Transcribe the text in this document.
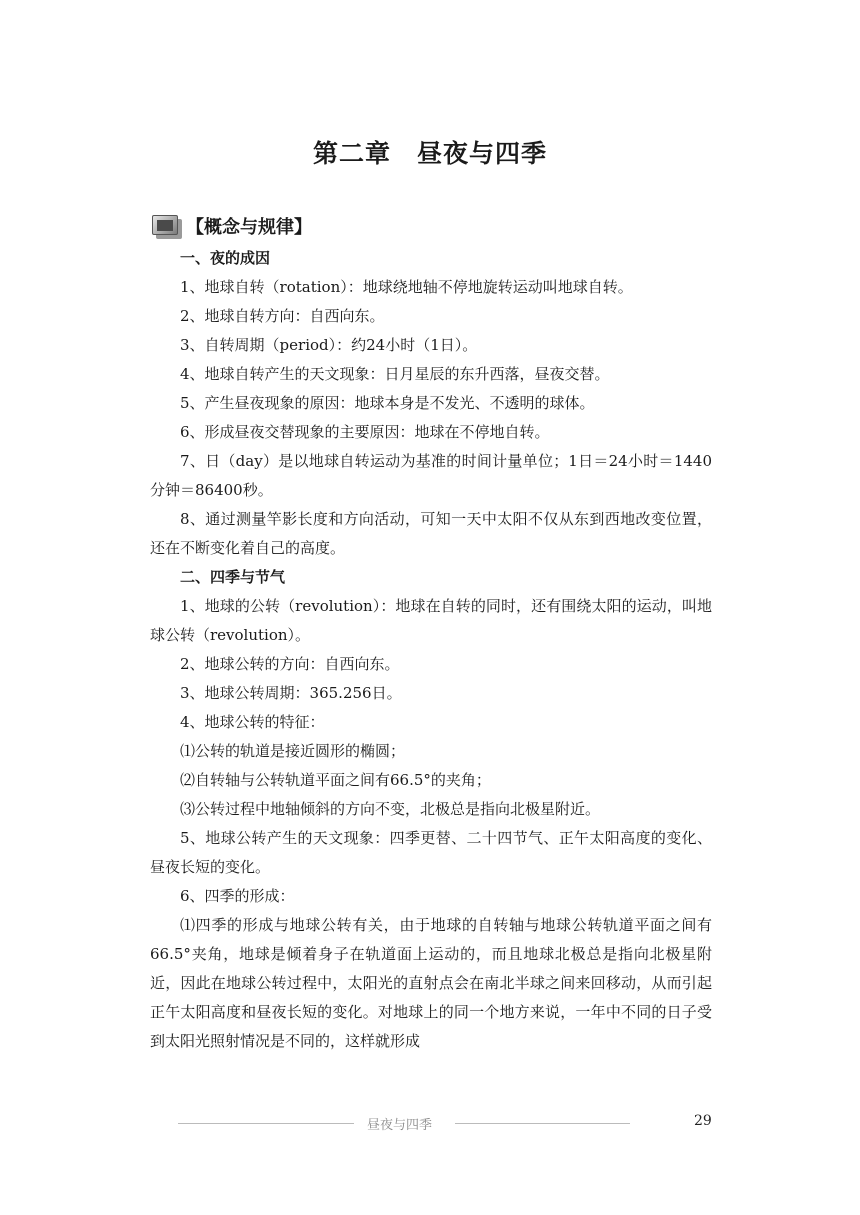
第二章　昼夜与四季
【概念与规律】

一、夜的成因

1、地球自转（rotation）：地球绕地轴不停地旋转运动叫地球自转。

2、地球自转方向：自西向东。

3、自转周期（period）：约24小时（1日）。

4、地球自转产生的天文现象：日月星辰的东升西落，昼夜交替。

5、产生昼夜现象的原因：地球本身是不发光、不透明的球体。

6、形成昼夜交替现象的主要原因：地球在不停地自转。

7、日（day）是以地球自转运动为基准的时间计量单位；1日＝24小时＝1440分钟＝86400秒。

8、通过测量竿影长度和方向活动，可知一天中太阳不仅从东到西地改变位置，还在不断变化着自己的高度。

二、四季与节气

1、地球的公转（revolution）：地球在自转的同时，还有围绕太阳的运动，叫地球公转（revolution）。

2、地球公转的方向：自西向东。

3、地球公转周期：365.256日。

4、地球公转的特征：

⑴公转的轨道是接近圆形的椭圆；

⑵自转轴与公转轨道平面之间有66.5°的夹角；

⑶公转过程中地轴倾斜的方向不变，北极总是指向北极星附近。

5、地球公转产生的天文现象：四季更替、二十四节气、正午太阳高度的变化、昼夜长短的变化。

6、四季的形成：

⑴四季的形成与地球公转有关，由于地球的自转轴与地球公转轨道平面之间有66.5°夹角，地球是倾着身子在轨道面上运动的，而且地球北极总是指向北极星附近，因此在地球公转过程中，太阳光的直射点会在南北半球之间来回移动，从而引起正午太阳高度和昼夜长短的变化。对地球上的同一个地方来说，一年中不同的日子受到太阳光照射情况是不同的，这样就形成

昼夜与四季	29
